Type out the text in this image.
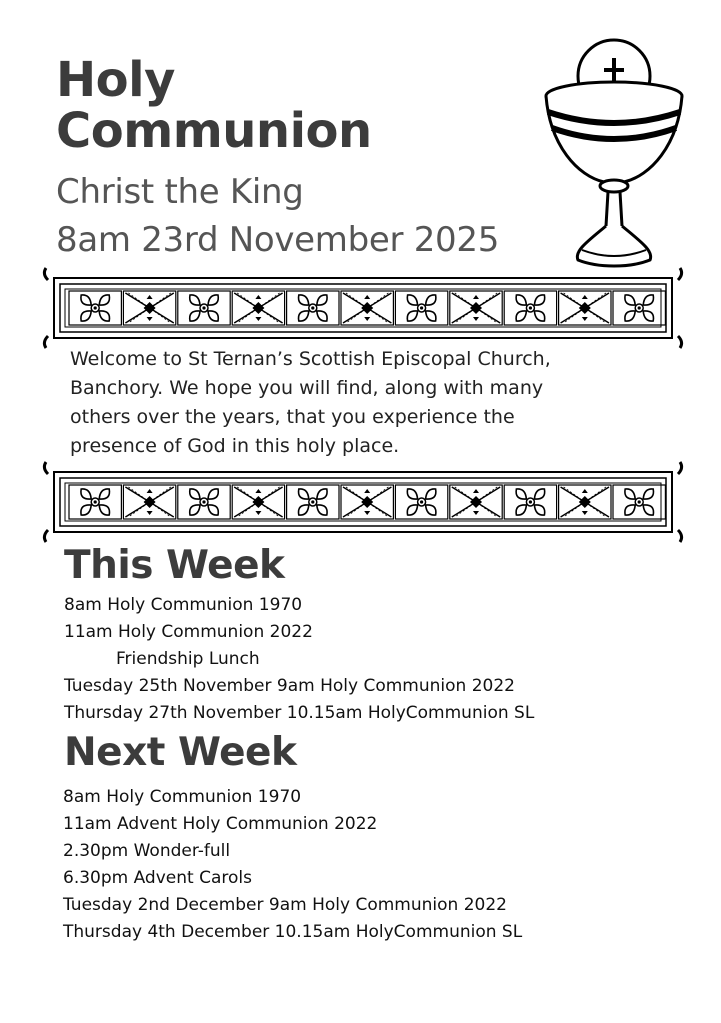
Holy
Communion
Christ the King
8am 23rd November 2025
Welcome to St Ternan’s Scottish Episcopal Church,
Banchory. We hope you will find, along with many
others over the years, that you experience the
presence of God in this holy place.
This Week
8am Holy Communion 1970
11am Holy Communion 2022
Friendship Lunch
Tuesday 25th November 9am Holy Communion 2022
Thursday 27th November 10.15am HolyCommunion SL
Next Week
8am Holy Communion 1970
11am Advent Holy Communion 2022
2.30pm Wonder-full
6.30pm Advent Carols
Tuesday 2nd December 9am Holy Communion 2022
Thursday 4th December 10.15am HolyCommunion SL
